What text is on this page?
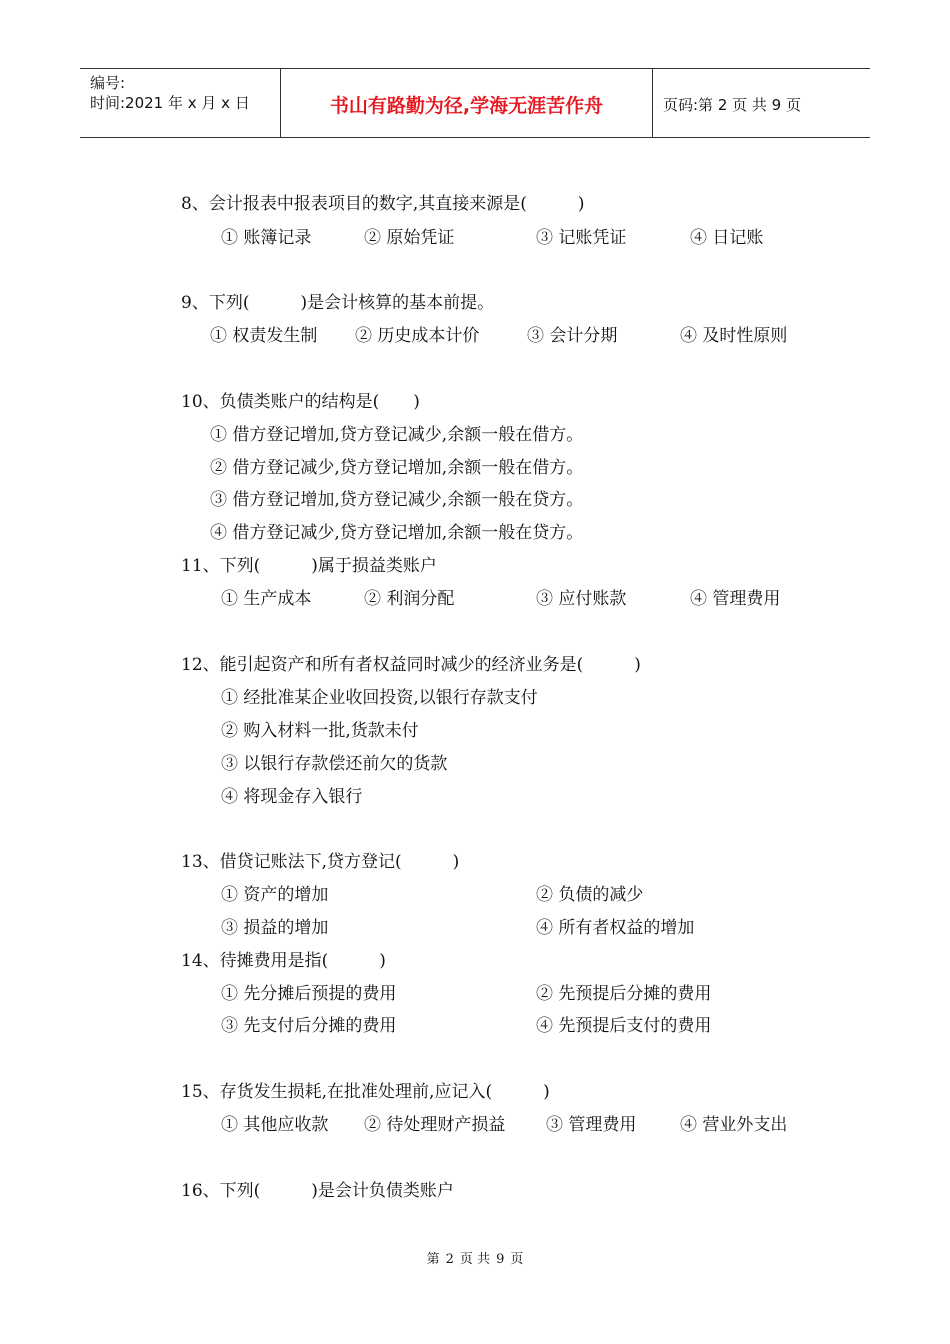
编号:
时间:2021 年 x 月 x 日	书山有路勤为径,学海无涯苦作舟	页码:第 2 页 共 9 页
8、会计报表中报表项目的数字,其直接来源是(　　　)
① 账簿记录	② 原始凭证	③ 记账凭证	④ 日记账
9、下列(　　　)是会计核算的基本前提。
① 权责发生制 ② 历史成本计价	③ 会计分期	④ 及时性原则
10、负债类账户的结构是(　　)
① 借方登记增加,贷方登记减少,余额一般在借方。
② 借方登记减少,贷方登记增加,余额一般在借方。
③ 借方登记增加,贷方登记减少,余额一般在贷方。
④ 借方登记减少,贷方登记增加,余额一般在贷方。
11、下列(　　　)属于损益类账户
① 生产成本	② 利润分配	③ 应付账款	④ 管理费用
12、能引起资产和所有者权益同时减少的经济业务是(　　　)
① 经批准某企业收回投资,以银行存款支付
② 购入材料一批,货款未付
③ 以银行存款偿还前欠的货款
④ 将现金存入银行
13、借贷记账法下,贷方登记(　　　)
① 资产的增加	② 负债的减少
③ 损益的增加	④ 所有者权益的增加
14、待摊费用是指(　　　)
① 先分摊后预提的费用	② 先预提后分摊的费用
③ 先支付后分摊的费用	④ 先预提后支付的费用
15、存货发生损耗,在批准处理前,应记入(　　　)
① 其他应收款 ② 待处理财产损益 ③ 管理费用	④ 营业外支出
16、下列(　　　)是会计负债类账户
第 2 页 共 9 页
